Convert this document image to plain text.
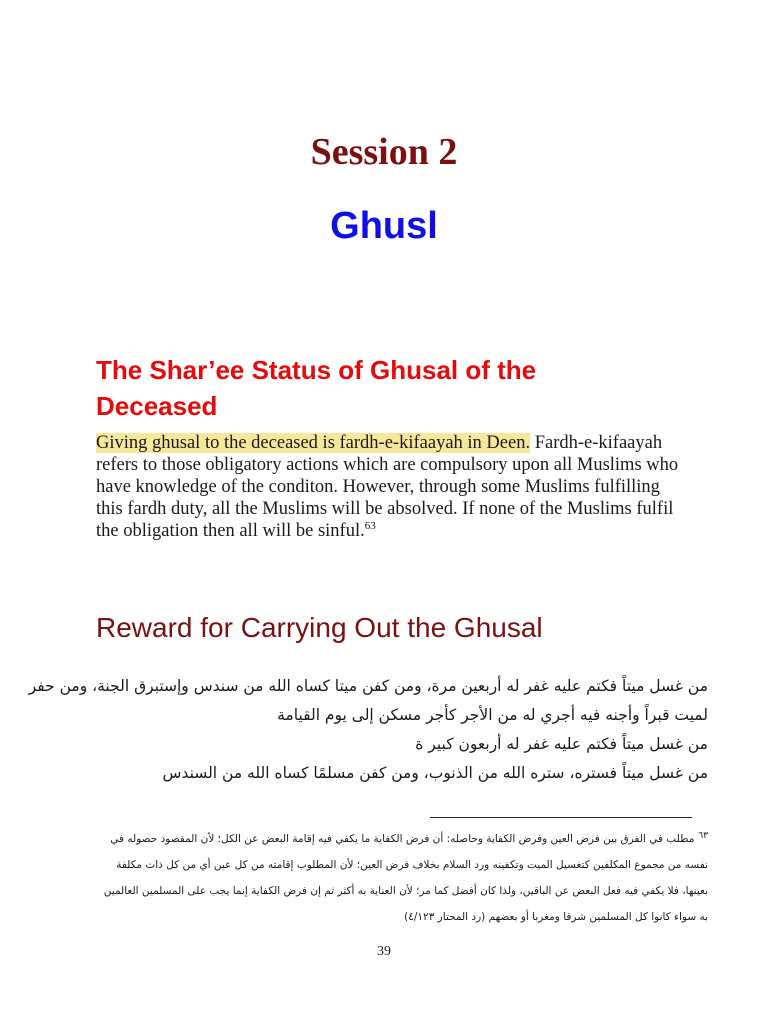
Session 2
Ghusl
The Shar’ee Status of Ghusal of the Deceased

Giving ghusal to the deceased is fardh-e-kifaayah in Deen. Fardh-e-kifaayah refers to those obligatory actions which are compulsory upon all Muslims who have knowledge of the conditon. However, through some Muslims fulfilling this fardh duty, all the Muslims will be absolved. If none of the Muslims fulfil the obligation then all will be sinful.$^{63}$

Reward for Carrying Out the Ghusal
من غسل ميتاً فكتم عليه غفر له أربعين مرة، ومن كفن ميتا كساه الله من سندس وإستبرق الجنة، ومن حفر
لميت قبراً وأجنه فيه أجري له من الأجر كأجر مسكن إلى يوم القيامة
من غسل ميتاً فكتم عليه غفر له أربعون كبير ة
من غسل ميتاً فستره، ستره الله من الذنوب، ومن كفن مسلمًا كساه الله من السندس
٦٣مطلب في الفرق بين فرض العين وفرض الكفاية وحاصله: أن فرض الكفاية ما يكفي فيه إقامة البعض عن الكل؛ لأن المقصود حصوله في
نفسه من مجموع المكلفين كتغسيل الميت وتكفينه ورد السلام بخلاف فرض العين؛ لأن المطلوب إقامته من كل عين أي من كل ذات مكلفة
بعينها، فلا يكفي فيه فعل البعض عن الباقين، ولذا كان أفضل كما مر؛ لأن العناية به أكثر ثم إن فرض الكفاية إنما يجب على المسلمين العالمين
به سواء كانوا كل المسلمين شرقا ومغربا أو بعضهم (رد المحتار ٤/١٢٣)
39
